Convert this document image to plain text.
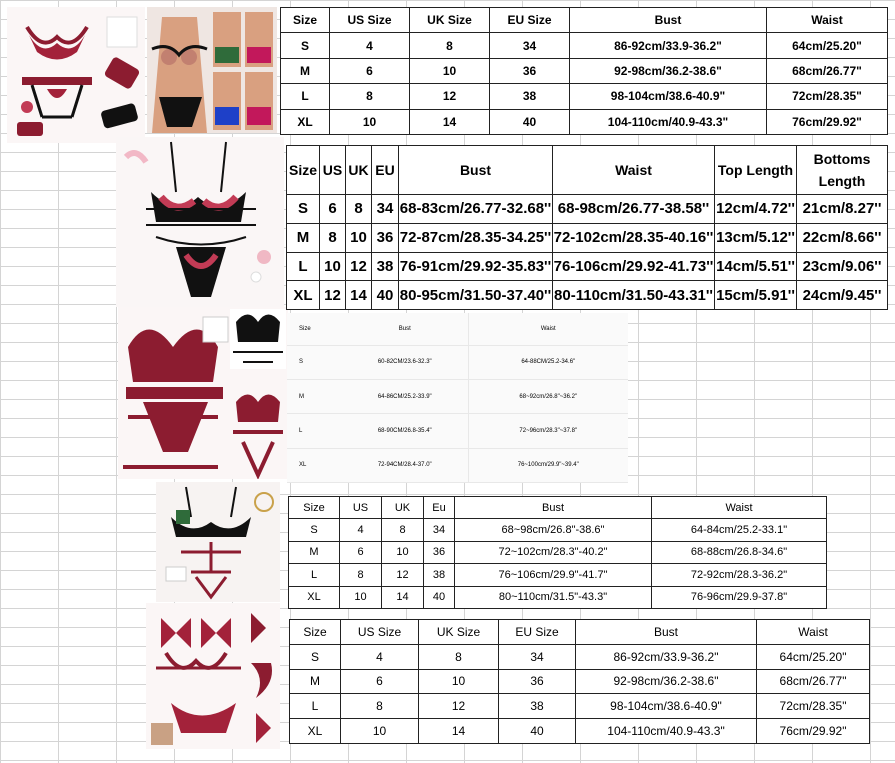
Size	US Size	UK Size	EU Size	Bust	Waist
S	4	8	34	86-92cm/33.9-36.2"	64cm/25.20"
M	6	10	36	92-98cm/36.2-38.6"	68cm/26.77"
L	8	12	38	98-104cm/38.6-40.9"	72cm/28.35"
XL	10	14	40	104-110cm/40.9-43.3"	76cm/29.92"
Size	US	UK	EU	Bust	Waist	Top Length	Bottoms Length
S	6	8	34	68-83cm/26.77-32.68''	68-98cm/26.77-38.58''	12cm/4.72''	21cm/8.27''
M	8	10	36	72-87cm/28.35-34.25''	72-102cm/28.35-40.16''	13cm/5.12''	22cm/8.66''
L	10	12	38	76-91cm/29.92-35.83''	76-106cm/29.92-41.73''	14cm/5.51''	23cm/9.06''
XL	12	14	40	80-95cm/31.50-37.40''	80-110cm/31.50-43.31''	15cm/5.91''	24cm/9.45''
Size	Bust	Waist
S	60-82CM/23.6-32.3"	64-88CM/25.2-34.6"
M	64-86CM/25.2-33.9"	68~92cm/26.8"~36.2"
L	68-90CM/26.8-35.4"	72~96cm/28.3"~37.8"
XL	72-94CM/28.4-37.0"	76~100cm/29.9"~39.4"
Size	US	UK	Eu	Bust	Waist
S	4	8	34	68~98cm/26.8"-38.6"	64-84cm/25.2-33.1"
M	6	10	36	72~102cm/28.3"-40.2"	68-88cm/26.8-34.6"
L	8	12	38	76~106cm/29.9"-41.7"	72-92cm/28.3-36.2"
XL	10	14	40	80~110cm/31.5"-43.3"	76-96cm/29.9-37.8"
Size	US Size	UK Size	EU Size	Bust	Waist
S	4	8	34	86-92cm/33.9-36.2"	64cm/25.20"
M	6	10	36	92-98cm/36.2-38.6"	68cm/26.77"
L	8	12	38	98-104cm/38.6-40.9"	72cm/28.35"
XL	10	14	40	104-110cm/40.9-43.3"	76cm/29.92"
